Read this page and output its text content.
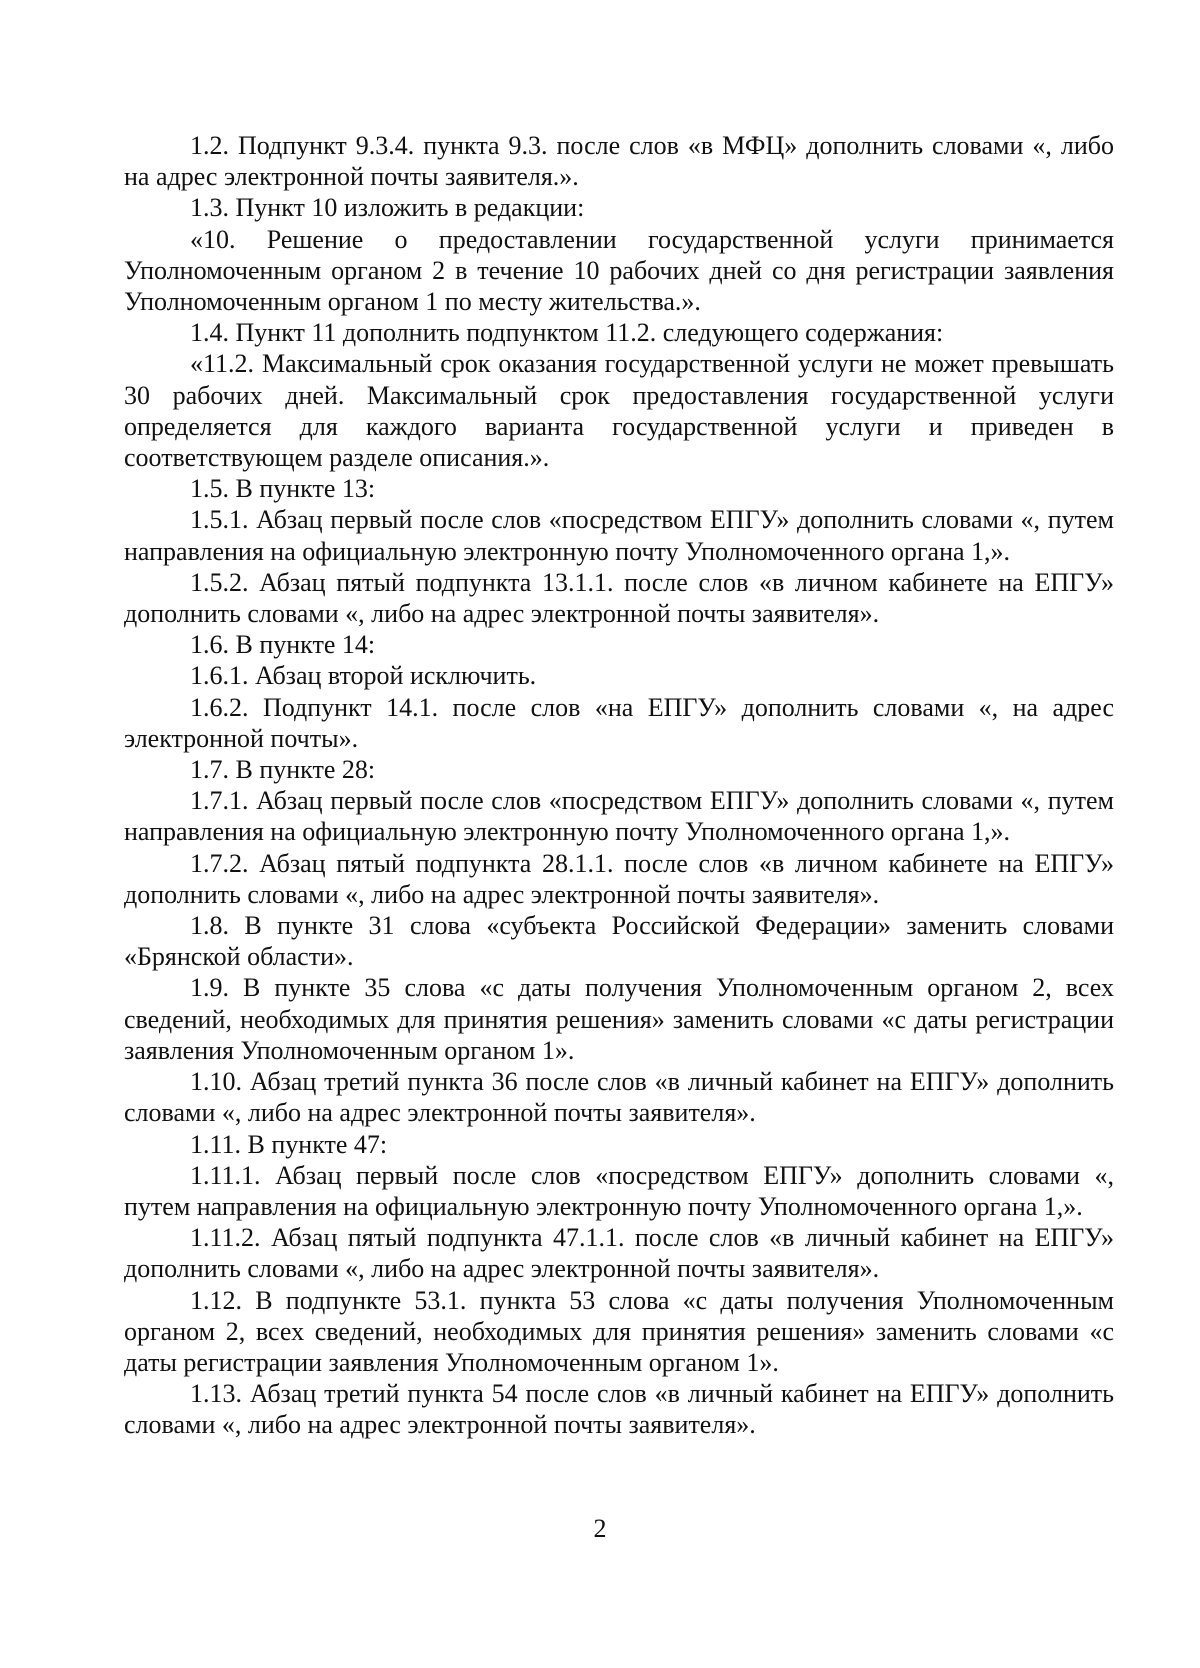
1.2. Подпункт 9.3.4. пункта 9.3. после слов «в МФЦ» дополнить словами «, либо на адрес электронной почты заявителя.».

1.3. Пункт 10 изложить в редакции:

«10. Решение о предоставлении государственной услуги принимается Уполномоченным органом 2 в течение 10 рабочих дней со дня регистрации заявления Уполномоченным органом 1 по месту жительства.».

1.4. Пункт 11 дополнить подпунктом 11.2. следующего содержания:

«11.2. Максимальный срок оказания государственной услуги не может превышать 30 рабочих дней. Максимальный срок предоставления государственной услуги определяется для каждого варианта государственной услуги и приведен в соответствующем разделе описания.».

1.5. В пункте 13:

1.5.1. Абзац первый после слов «посредством ЕПГУ» дополнить словами «, путем направления на официальную электронную почту Уполномоченного органа 1,».

1.5.2. Абзац пятый подпункта 13.1.1. после слов «в личном кабинете на ЕПГУ» дополнить словами «, либо на адрес электронной почты заявителя».

1.6. В пункте 14:

1.6.1. Абзац второй исключить.

1.6.2. Подпункт 14.1. после слов «на ЕПГУ» дополнить словами «, на адрес электронной почты».

1.7. В пункте 28:

1.7.1. Абзац первый после слов «посредством ЕПГУ» дополнить словами «, путем направления на официальную электронную почту Уполномоченного органа 1,».

1.7.2. Абзац пятый подпункта 28.1.1. после слов «в личном кабинете на ЕПГУ» дополнить словами «, либо на адрес электронной почты заявителя».

1.8. В пункте 31 слова «субъекта Российской Федерации» заменить словами «Брянской области».

1.9. В пункте 35 слова «с даты получения Уполномоченным органом 2, всех сведений, необходимых для принятия решения» заменить словами «с даты регистрации заявления Уполномоченным органом 1».

1.10. Абзац третий пункта 36 после слов «в личный кабинет на ЕПГУ» дополнить словами «, либо на адрес электронной почты заявителя».

1.11. В пункте 47:

1.11.1. Абзац первый после слов «посредством ЕПГУ» дополнить словами «, путем направления на официальную электронную почту Уполномоченного органа 1,».

1.11.2. Абзац пятый подпункта 47.1.1. после слов «в личный кабинет на ЕПГУ» дополнить словами «, либо на адрес электронной почты заявителя».

1.12. В подпункте 53.1. пункта 53 слова «с даты получения Уполномоченным органом 2, всех сведений, необходимых для принятия решения» заменить словами «с даты регистрации заявления Уполномоченным органом 1».

1.13. Абзац третий пункта 54 после слов «в личный кабинет на ЕПГУ» дополнить словами «, либо на адрес электронной почты заявителя».

2
